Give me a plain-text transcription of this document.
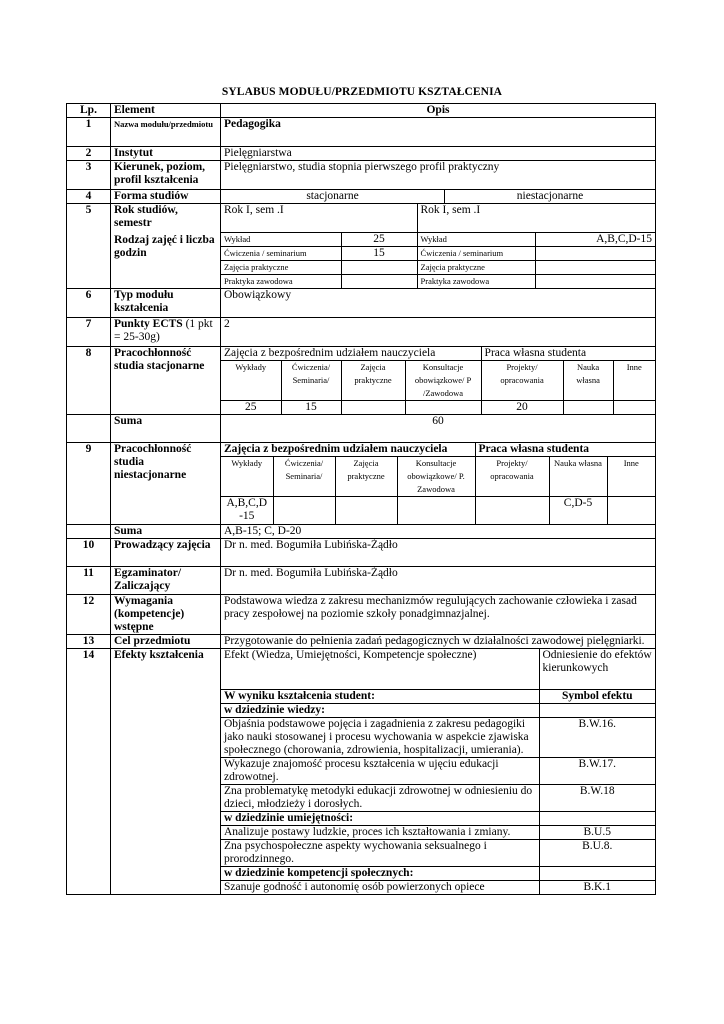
SYLABUS MODUŁU/PRZEDMIOTU KSZTAŁCENIA
Lp.	Element	Opis
1	Nazwa modułu/przedmiotu	Pedagogika
2	Instytut	Pielęgniarstwa
3	Kierunek, poziom, profil kształcenia	Pielęgniarstwo, studia stopnia pierwszego profil praktyczny
4	Forma studiów		stacjonarne	niestacjonarne

5	Rok studiów, semestr
Rodzaj zajęć i liczba godzin

Rok I, sem .I	Rok I, sem .I
Wykład	25	Wykład	A,B,C,D-15
Ćwiczenia / seminarium	15	Ćwiczenia / seminarium	
Zajęcia praktyczne		Zajęcia praktyczne	
Praktyka zawodowa		Praktyka zawodowa	

6	Typ modułu kształcenia	Obowiązkowy
7	Punkty ECTS (1 pkt = 25-30g)	2
8	Pracochłonność studia stacjonarne	
Zajęcia z bezpośrednim udziałem nauczyciela	Praca własna studenta
Wykłady	Ćwiczenia/ Seminaria/	Zajęcia praktyczne	Konsultacje obowiązkowe/ P /Zawodowa	Projekty/ opracowania	Nauka własna	Inne
25	15			20		

	Suma	60
9	Pracochłonność studia niestacjonarne	
Zajęcia z bezpośrednim udziałem nauczyciela	Praca własna studenta
Wykłady	Ćwiczenia/ Seminaria/	Zajęcia praktyczne	Konsultacje obowiązkowe/ P. Zawodowa	Projekty/ opracowania	Nauka własna	Inne
A,B,C,D -15					C,D-5	

	Suma	A,B-15; C, D-20
10	Prowadzący zajęcia	Dr n. med. Bogumiła Lubińska-Żądło
11	Egzaminator/ Zaliczający	Dr n. med. Bogumiła Lubińska-Żądło
12	Wymagania (kompetencje) wstępne	Podstawowa wiedza z zakresu mechanizmów regulujących zachowanie człowieka i zasad pracy zespołowej na poziomie szkoły ponadgimnazjalnej.
13	Cel przedmiotu	Przygotowanie do pełnienia zadań pedagogicznych w działalności zawodowej pielęgniarki.
14	Efekty kształcenia	Efekt (Wiedza, Umiejętności, Kompetencje społeczne)	Odniesienie do efektów kierunkowych
W wyniku kształcenia student:	Symbol efektu
w dziedzinie wiedzy:	
Objaśnia podstawowe pojęcia i zagadnienia z zakresu pedagogiki jako nauki stosowanej i procesu wychowania w aspekcie zjawiska społecznego (chorowania, zdrowienia, hospitalizacji, umierania).	B.W.16.
Wykazuje znajomość procesu kształcenia w ujęciu edukacji zdrowotnej.	B.W.17.
Zna problematykę metodyki edukacji zdrowotnej w odniesieniu do dzieci, młodzieży i dorosłych.	B.W.18
w dziedzinie umiejętności:	
Analizuje postawy ludzkie, proces ich kształtowania i zmiany.	B.U.5
Zna psychospołeczne aspekty wychowania seksualnego i prorodzinnego.	B.U.8.
w dziedzinie kompetencji społecznych:	
Szanuje godność i autonomię osób powierzonych opiece	B.K.1
